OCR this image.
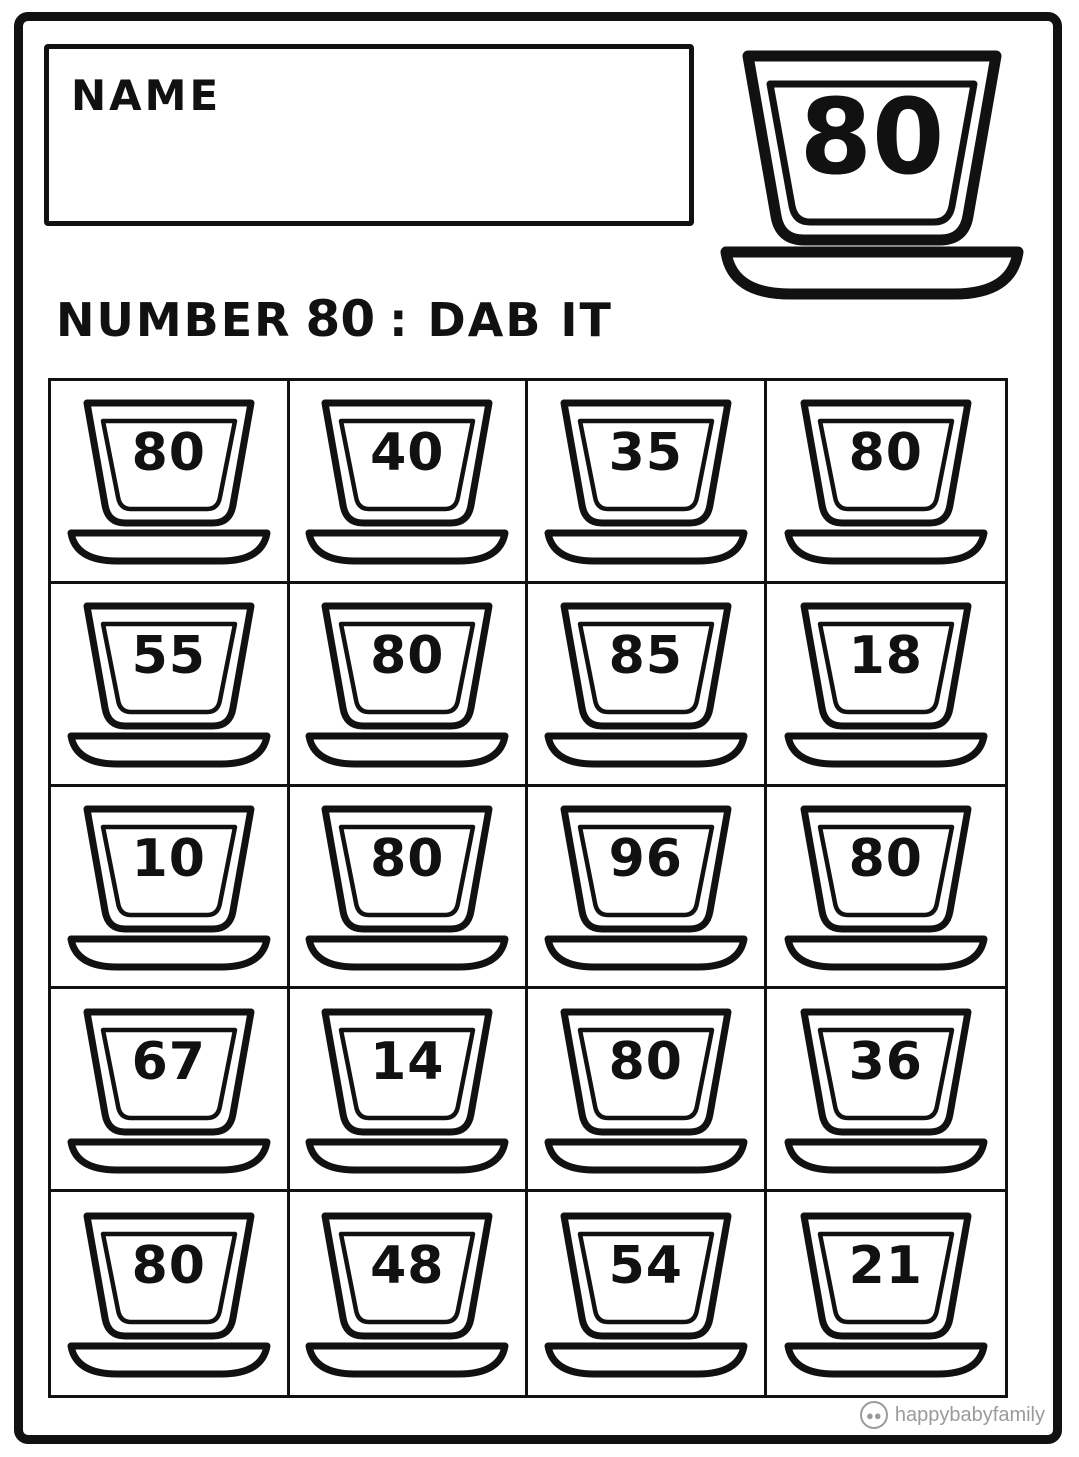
NAME	80
NUMBER 80 : DAB IT
80	40	35	80
55	80	85	18
10	80	96	80
67	14	80	36
80	48	54	21
●● happybabyfamily
